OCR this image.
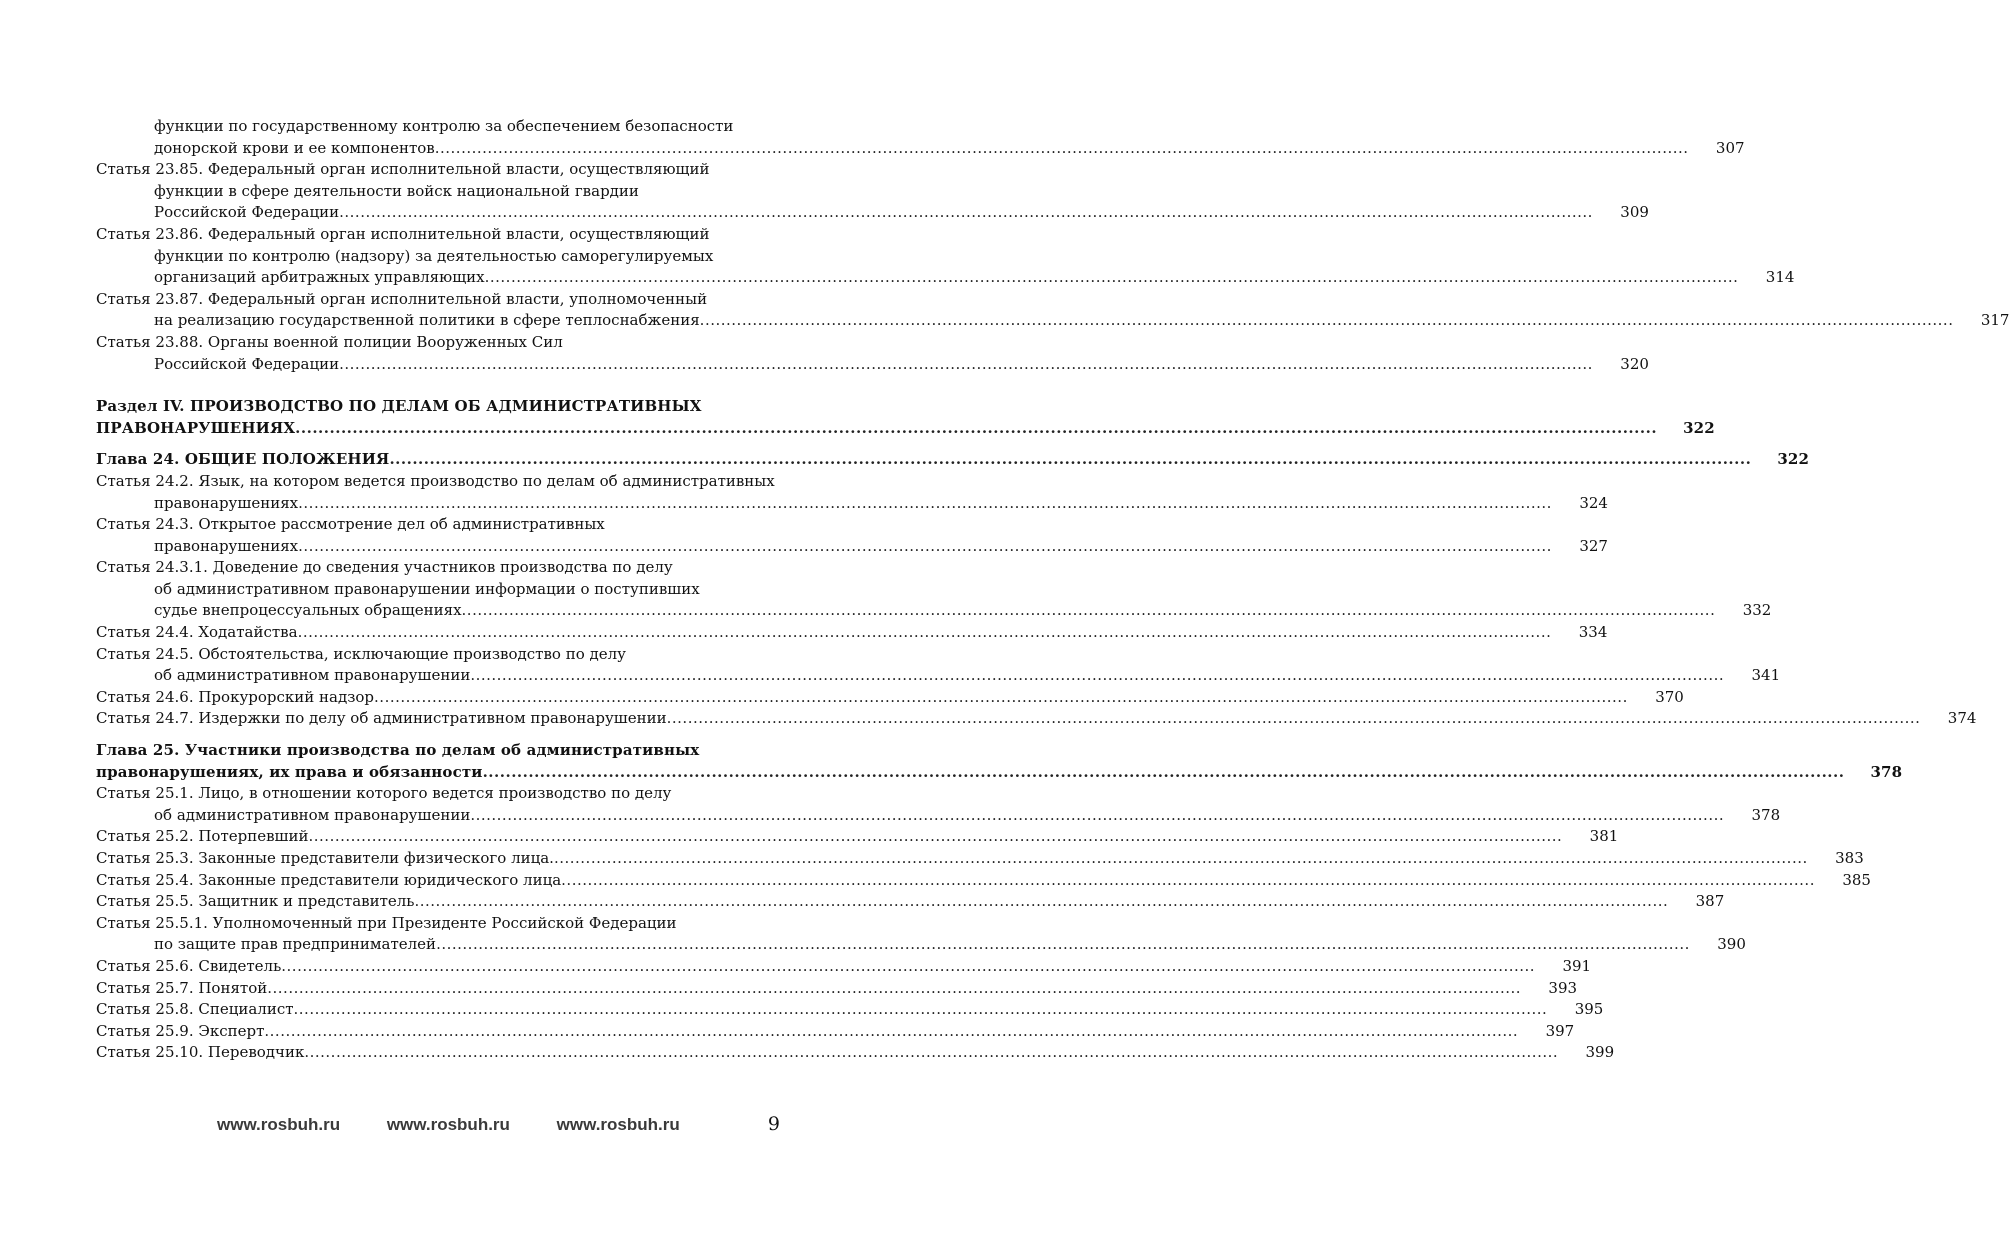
функции по государственному контролю за обеспечением безопасности
донорской крови и ее компонентов .....	307
Статья 23.85. Федеральный орган исполнительной власти, осуществляющий
функции в сфере деятельности войск национальной гвардии
Российской Федерации .....	309
Статья 23.86. Федеральный орган исполнительной власти, осуществляющий
функции по контролю (надзору) за деятельностью саморегулируемых
организаций арбитражных управляющих .....	314
Статья 23.87. Федеральный орган исполнительной власти, уполномоченный
на реализацию государственной политики в сфере теплоснабжения .....	317
Статья 23.88. Органы военной полиции Вооруженных Сил
Российской Федерации .....	320
Раздел IV. ПРОИЗВОДСТВО ПО ДЕЛАМ ОБ АДМИНИСТРАТИВНЫХ
ПРАВОНАРУШЕНИЯХ .....	322
Глава 24. ОБЩИЕ ПОЛОЖЕНИЯ .....	322
Статья 24.2. Язык, на котором ведется производство по делам об административных
правонарушениях .....	324
Статья 24.3. Открытое рассмотрение дел об административных
правонарушениях .....	327
Статья 24.3.1. Доведение до сведения участников производства по делу
об административном правонарушении информации о поступивших
судье внепроцессуальных обращениях .....	332
Статья 24.4. Ходатайства .....	334
Статья 24.5. Обстоятельства, исключающие производство по делу
об административном правонарушении .....	341
Статья 24.6. Прокурорский надзор .....	370
Статья 24.7. Издержки по делу об административном правонарушении .....	374
Глава 25. Участники производства по делам об административных
правонарушениях, их права и обязанности .....	378
Статья 25.1. Лицо, в отношении которого ведется производство по делу
об административном правонарушении .....	378
Статья 25.2. Потерпевший .....	381
Статья 25.3. Законные представители физического лица. .....	383
Статья 25.4. Законные представители юридического лица .....	385
Статья 25.5. Защитник и представитель .....	387
Статья 25.5.1. Уполномоченный при Президенте Российской Федерации
по защите прав предпринимателей .....	390
Статья 25.6. Свидетель .....	391
Статья 25.7. Понятой .....	393
Статья 25.8. Специалист .....	395
Статья 25.9. Эксперт .....	397
Статья 25.10. Переводчик .....	399
www.rosbuh.ru	www.rosbuh.ru	www.rosbuh.ru	9
